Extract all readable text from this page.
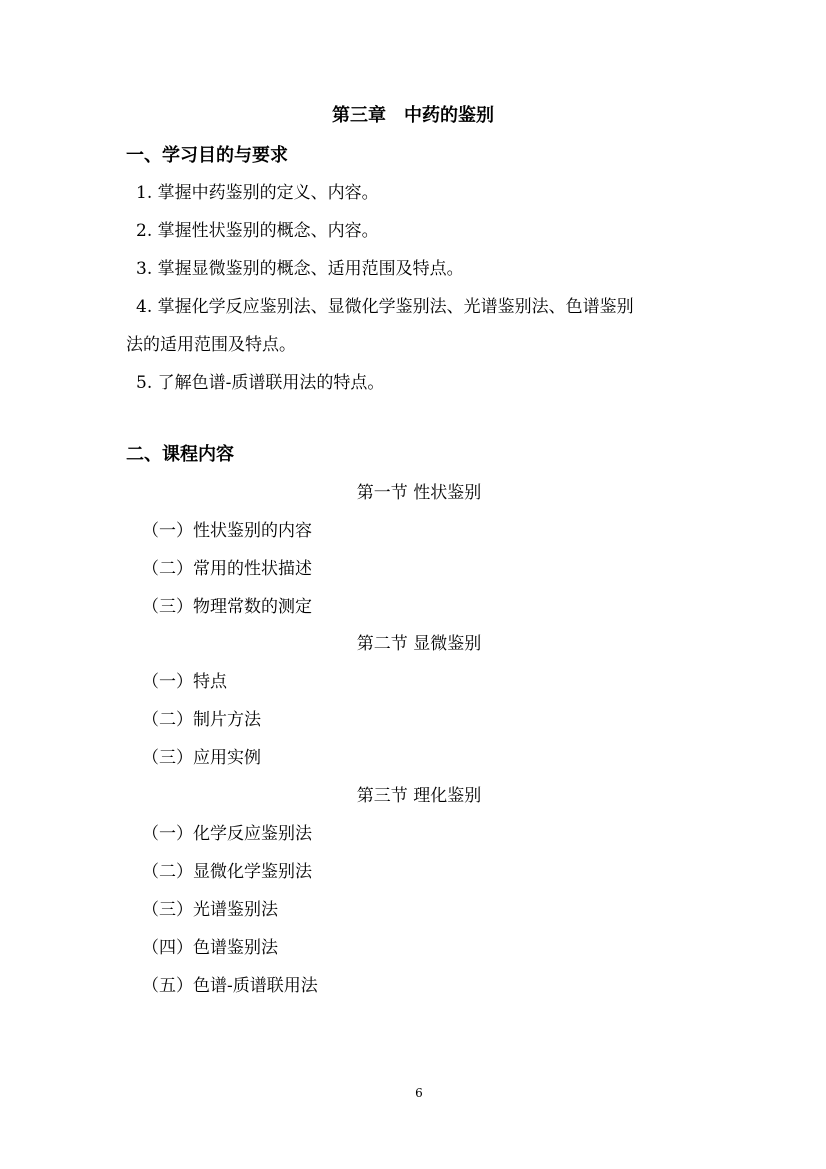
第三章　中药的鉴别
一、学习目的与要求
1. 掌握中药鉴别的定义、内容。
2. 掌握性状鉴别的概念、内容。
3. 掌握显微鉴别的概念、适用范围及特点。
4. 掌握化学反应鉴别法、显微化学鉴别法、光谱鉴别法、色谱鉴别
法的适用范围及特点。
5. 了解色谱-质谱联用法的特点。
二、课程内容
第一节 性状鉴别
（一）性状鉴别的内容
（二）常用的性状描述
（三）物理常数的测定
第二节 显微鉴别
（一）特点
（二）制片方法
（三）应用实例
第三节 理化鉴别
（一）化学反应鉴别法
（二）显微化学鉴别法
（三）光谱鉴别法
（四）色谱鉴别法
（五）色谱-质谱联用法
6
